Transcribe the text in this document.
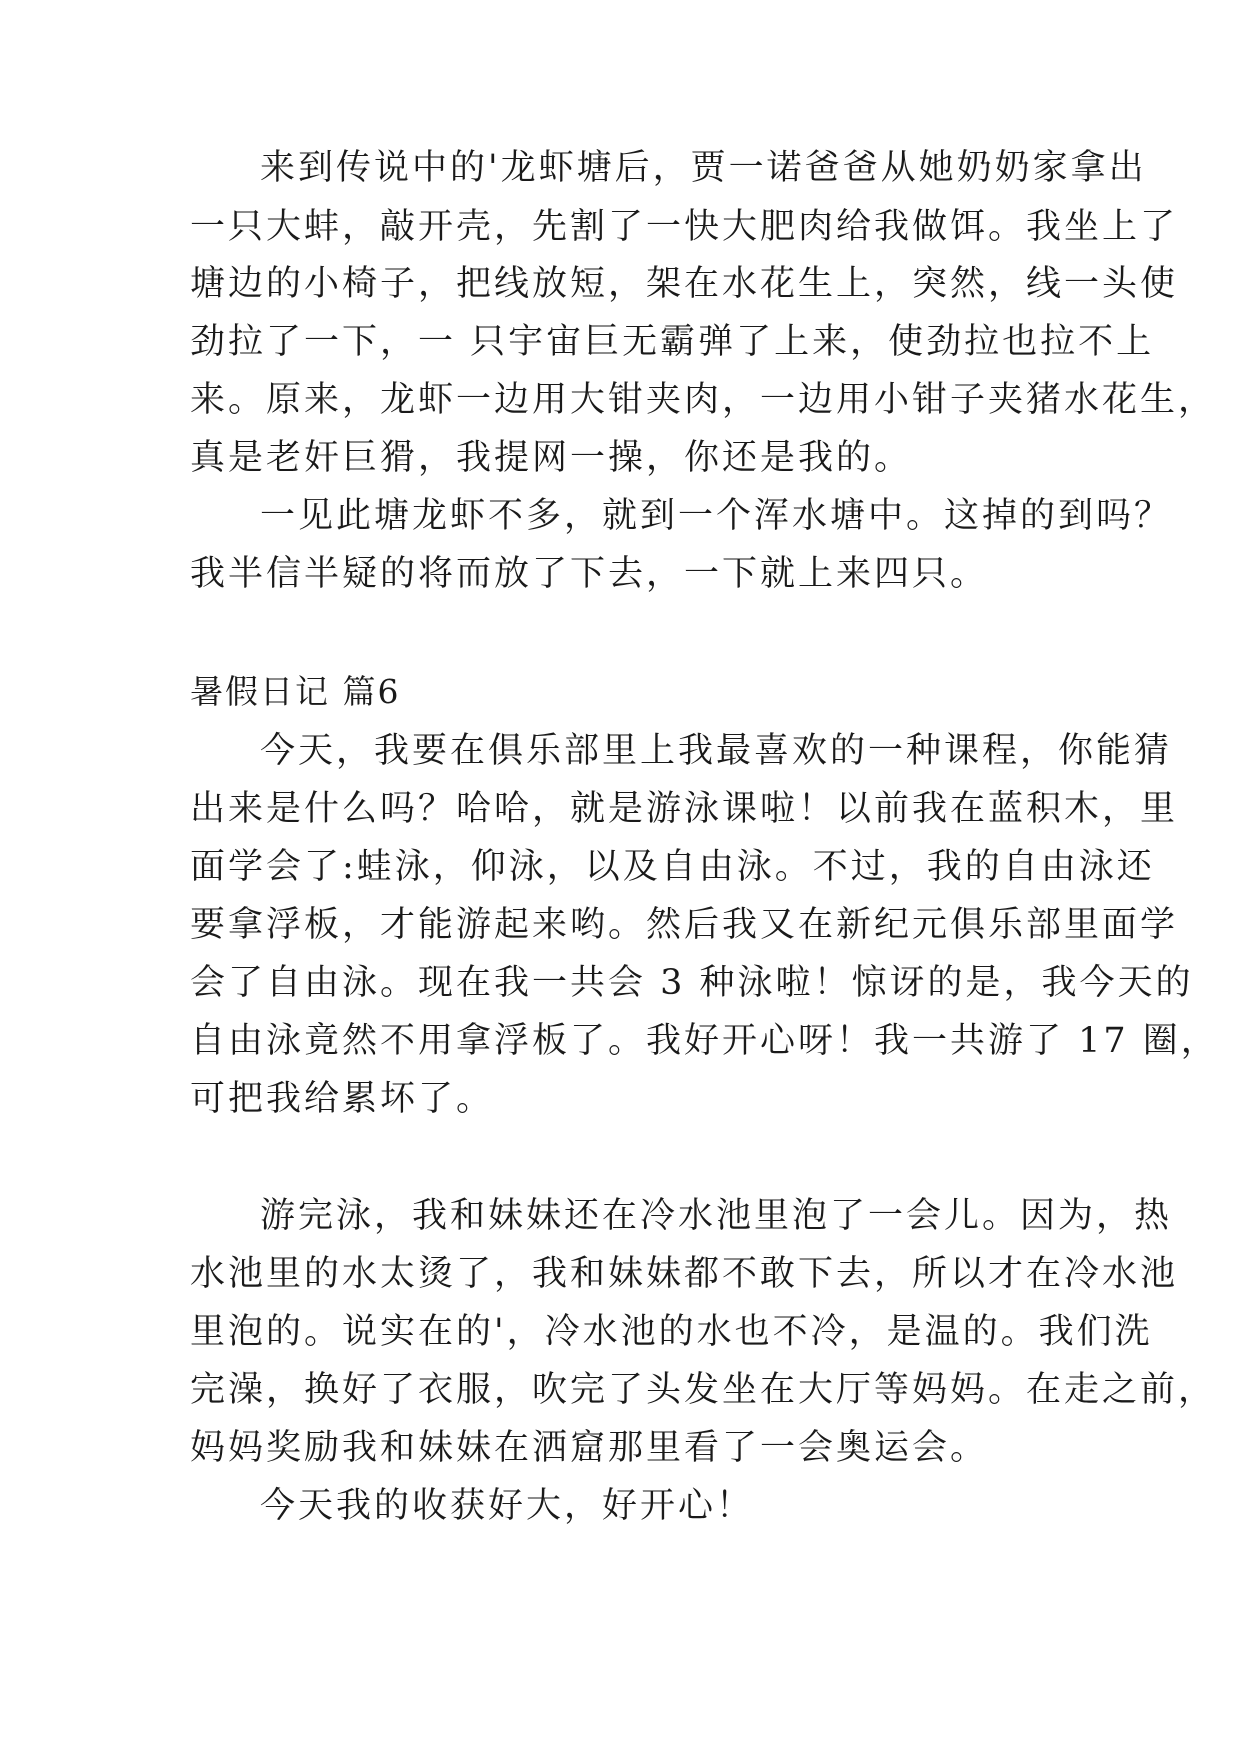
来到传说中的'龙虾塘后，贾一诺爸爸从她奶奶家拿出
一只大蚌，敲开壳，先割了一快大肥肉给我做饵。我坐上了
塘边的小椅子，把线放短，架在水花生上，突然，线一头使
劲拉了一下，一 只宇宙巨无霸弹了上来，使劲拉也拉不上
来。原来，龙虾一边用大钳夹肉，一边用小钳子夹猪水花生，
真是老奸巨猾，我提网一操，你还是我的。
一见此塘龙虾不多，就到一个浑水塘中。这掉的到吗？
我半信半疑的将而放了下去，一下就上来四只。
暑假日记 篇6
今天，我要在俱乐部里上我最喜欢的一种课程，你能猜
出来是什么吗？哈哈，就是游泳课啦！以前我在蓝积木，里
面学会了:蛙泳，仰泳，以及自由泳。不过，我的自由泳还
要拿浮板，才能游起来哟。然后我又在新纪元俱乐部里面学
会了自由泳。现在我一共会 3 种泳啦！惊讶的是，我今天的
自由泳竟然不用拿浮板了。我好开心呀！我一共游了 17 圈，
可把我给累坏了。
游完泳，我和妹妹还在冷水池里泡了一会儿。因为，热
水池里的水太烫了，我和妹妹都不敢下去，所以才在冷水池
里泡的。说实在的'，冷水池的水也不冷，是温的。我们洗
完澡，换好了衣服，吹完了头发坐在大厅等妈妈。在走之前，
妈妈奖励我和妹妹在洒窟那里看了一会奥运会。
今天我的收获好大，好开心！
